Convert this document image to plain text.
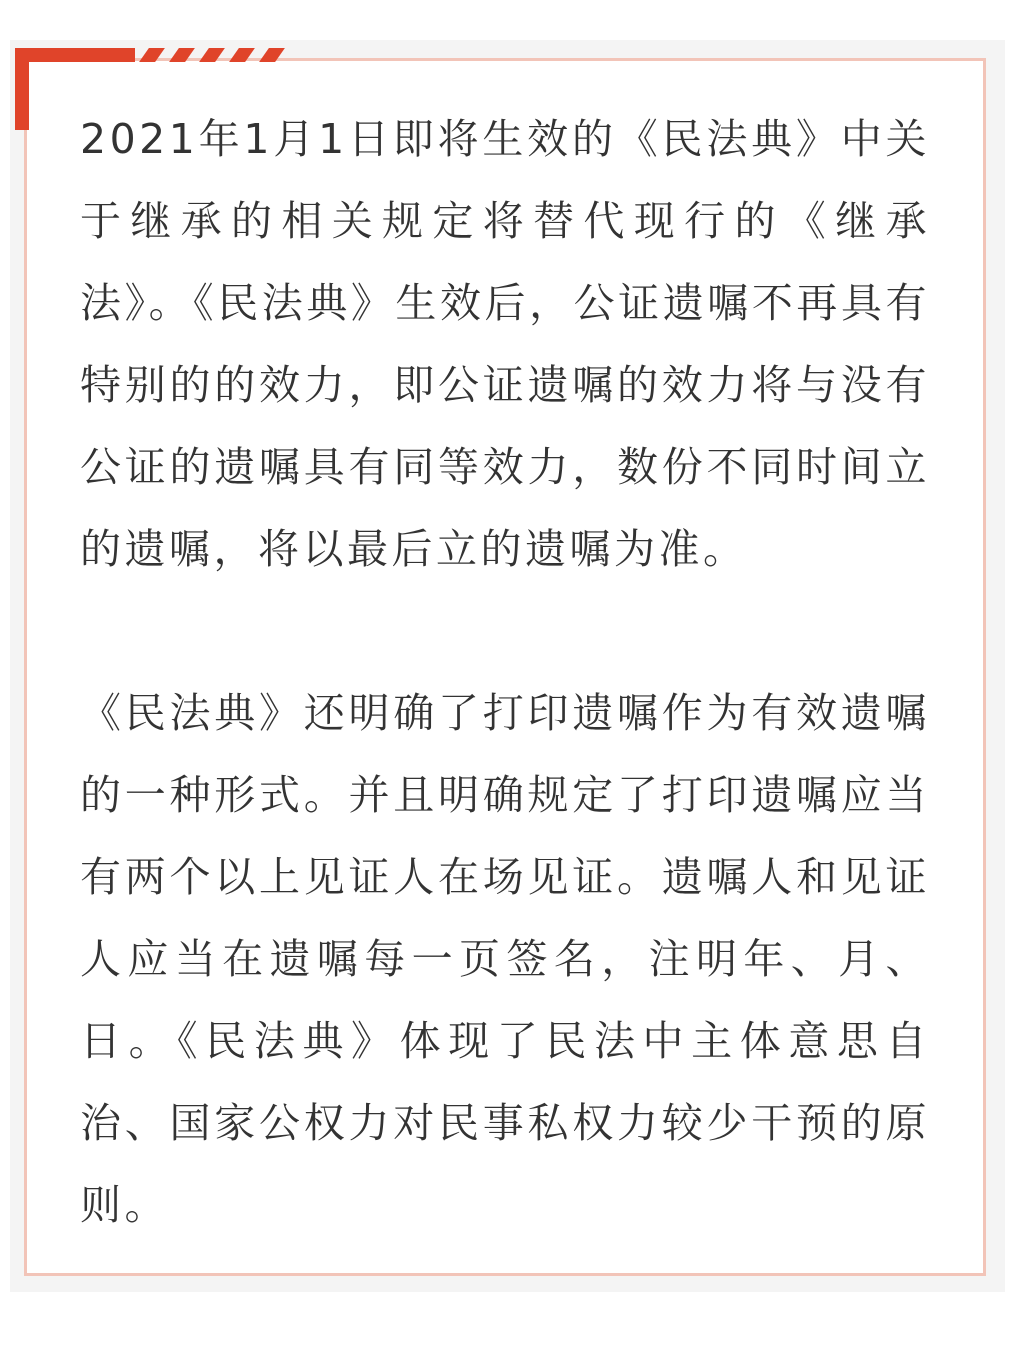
2021年1月1日即将生效的《民法典》中关于继承的相关规定将替代现行的《继承法》。《民法典》生效后，公证遗嘱不再具有特别的的效力，即公证遗嘱的效力将与没有公证的遗嘱具有同等效力，数份不同时间立的遗嘱，将以最后立的遗嘱为准。

《民法典》还明确了打印遗嘱作为有效遗嘱的一种形式。并且明确规定了打印遗嘱应当有两个以上见证人在场见证。遗嘱人和见证人应当在遗嘱每一页签名，注明年、月、日。《民法典》体现了民法中主体意思自治、国家公权力对民事私权力较少干预的原则。
